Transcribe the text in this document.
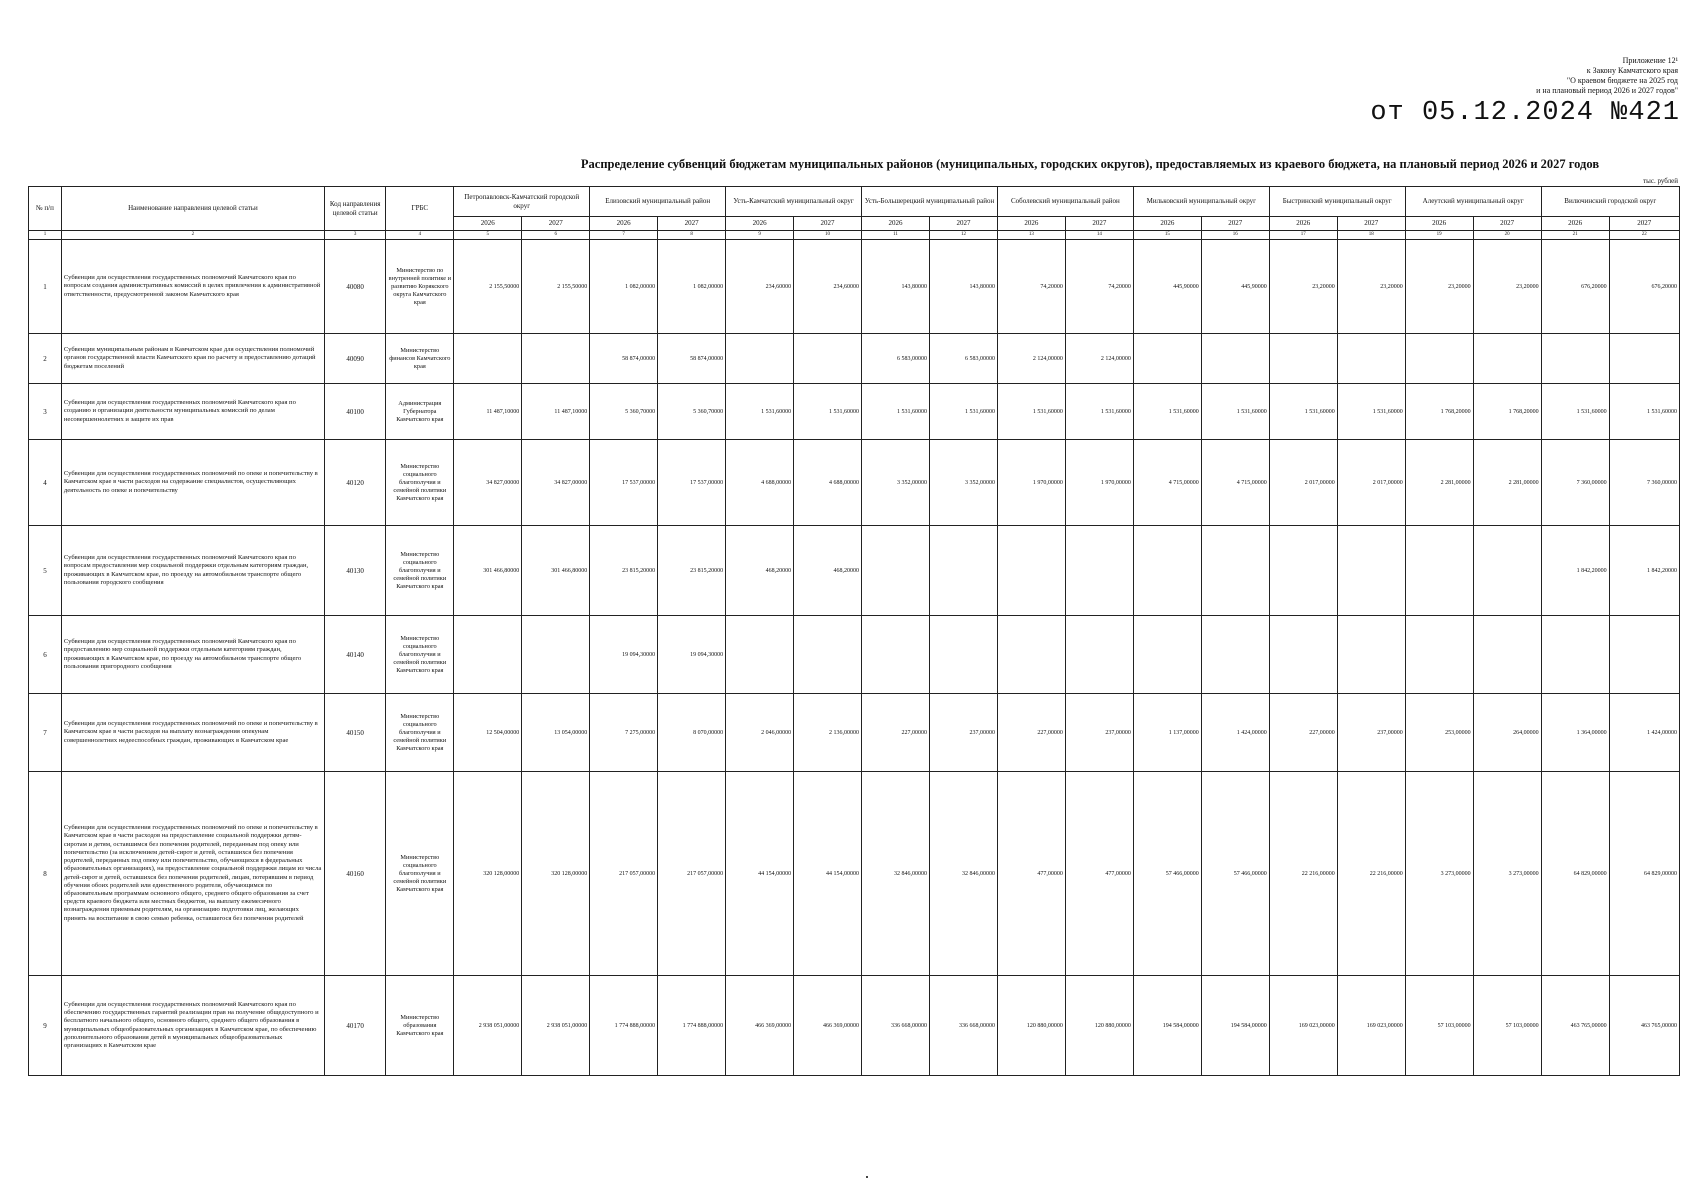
Приложение 12¹
к Закону Камчатского края
"О краевом бюджете на 2025 год
и на плановый период 2026 и 2027 годов"
от 05.12.2024 №421
Распределение субвенций бюджетам муниципальных районов (муниципальных, городских округов), предоставляемых из краевого бюджета, на плановый период 2026 и 2027 годов
тыс. рублей
№ п/п	Наименование направления целевой статьи	Код направления целевой статьи	ГРБС	Петропавловск-Камчатский городской округ		Елизовский муниципальный район		Усть-Камчатский муниципальный округ		Усть-Большерецкий муниципальный район		Соболевский муниципальный район		Мильковский муниципальный округ		Быстринский муниципальный округ		Алеутский муниципальный округ		Вилючинский городской округ	
				2026	2027	2026	2027	2026	2027	2026	2027	2026	2027	2026	2027	2026	2027	2026	2027	2026	2027
1	2	3	4	5	6	7	8	9	10	11	12	13	14	15	16	17	18	19	20	21	22
1	Субвенции для осуществления государственных полномочий Камчатского края по вопросам создания административных комиссий в целях привлечения к административной ответственности, предусмотренной законом Камчатского края	40080	Министерство по внутренней политике и развитию Корякского округа Камчатского края	2 155,50000	2 155,50000	1 082,00000	1 082,00000	234,60000	234,60000	143,80000	143,80000	74,20000	74,20000	445,90000	445,90000	23,20000	23,20000	23,20000	23,20000	676,20000	676,20000
2	Субвенции муниципальным районам в Камчатском крае для осуществления полномочий органов государственной власти Камчатского края по расчету и предоставлению дотаций бюджетам поселений	40090	Министерство финансов Камчатского края			58 874,00000	58 874,00000			6 583,00000	6 583,00000	2 124,00000	2 124,00000								
3	Субвенции для осуществления государственных полномочий Камчатского края по созданию и организации деятельности муниципальных комиссий по делам несовершеннолетних и защите их прав	40100	Администрация Губернатора Камчатского края	11 487,10000	11 487,10000	5 360,70000	5 360,70000	1 531,60000	1 531,60000	1 531,60000	1 531,60000	1 531,60000	1 531,60000	1 531,60000	1 531,60000	1 531,60000	1 531,60000	1 768,20000	1 768,20000	1 531,60000	1 531,60000
4	Субвенции для осуществления государственных полномочий по опеке и попечительству в Камчатском крае в части расходов на содержание специалистов, осуществляющих деятельность по опеке и попечительству	40120	Министерство социального благополучия и семейной политики Камчатского края	34 827,00000	34 827,00000	17 537,00000	17 537,00000	4 688,00000	4 688,00000	3 352,00000	3 352,00000	1 970,00000	1 970,00000	4 715,00000	4 715,00000	2 017,00000	2 017,00000	2 281,00000	2 281,00000	7 360,00000	7 360,00000
5	Субвенции для осуществления государственных полномочий Камчатского края по вопросам предоставления мер социальной поддержки отдельным категориям граждан, проживающих в Камчатском крае, по проезду на автомобильном транспорте общего пользования городского сообщения	40130	Министерство социального благополучия и семейной политики Камчатского края	301 466,80000	301 466,80000	23 815,20000	23 815,20000	468,20000	468,20000											1 842,20000	1 842,20000
6	Субвенции для осуществления государственных полномочий Камчатского края по предоставлению мер социальной поддержки отдельным категориям граждан, проживающих в Камчатском крае, по проезду на автомобильном транспорте общего пользования пригородного сообщения	40140	Министерство социального благополучия и семейной политики Камчатского края			19 094,30000	19 094,30000														
7	Субвенции для осуществления государственных полномочий по опеке и попечительству в Камчатском крае в части расходов на выплату вознаграждения опекунам совершеннолетних недееспособных граждан, проживающих в Камчатском крае	40150	Министерство социального благополучия и семейной политики Камчатского края	12 504,00000	13 054,00000	7 275,00000	8 070,00000	2 046,00000	2 136,00000	227,00000	237,00000	227,00000	237,00000	1 137,00000	1 424,00000	227,00000	237,00000	253,00000	264,00000	1 364,00000	1 424,00000
8	Субвенции для осуществления государственных полномочий по опеке и попечительству в Камчатском крае в части расходов на предоставление социальной поддержки детям-сиротам и детям, оставшимся без попечения родителей, переданным под опеку или попечительство (за исключением детей-сирот и детей, оставшихся без попечения родителей, переданных под опеку или попечительство, обучающихся в федеральных образовательных организациях), на предоставление социальной поддержки лицам из числа детей-сирот и детей, оставшихся без попечения родителей, лицам, потерявшим в период обучения обоих родителей или единственного родителя, обучающимся по образовательным программам основного общего, среднего общего образования за счет средств краевого бюджета или местных бюджетов, на выплату ежемесячного вознаграждения приемным родителям, на организацию подготовки лиц, желающих принять на воспитание в свою семью ребенка, оставшегося без попечения родителей	40160	Министерство социального благополучия и семейной политики Камчатского края	320 128,00000	320 128,00000	217 057,00000	217 057,00000	44 154,00000	44 154,00000	32 846,00000	32 846,00000	477,00000	477,00000	57 466,00000	57 466,00000	22 216,00000	22 216,00000	3 273,00000	3 273,00000	64 829,00000	64 829,00000
9	Субвенции для осуществления государственных полномочий Камчатского края по обеспечению государственных гарантий реализации прав на получение общедоступного и бесплатного начального общего, основного общего, среднего общего образования в муниципальных общеобразовательных организациях в Камчатском крае, по обеспечению дополнительного образования детей в муниципальных общеобразовательных организациях в Камчатском крае	40170	Министерство образования Камчатского края	2 938 051,00000	2 938 051,00000	1 774 888,00000	1 774 888,00000	466 369,00000	466 369,00000	336 668,00000	336 668,00000	120 880,00000	120 880,00000	194 584,00000	194 584,00000	169 023,00000	169 023,00000	57 103,00000	57 103,00000	463 765,00000	463 765,00000
